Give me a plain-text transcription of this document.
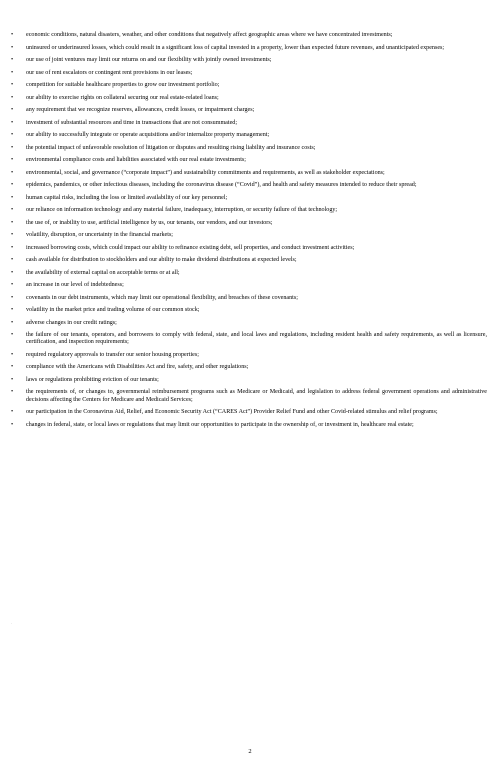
• economic conditions, natural disasters, weather, and other conditions that negatively affect geographic areas where we have concentrated investments;
• uninsured or underinsured losses, which could result in a significant loss of capital invested in a property, lower than expected future revenues, and unanticipated expenses;
• our use of joint ventures may limit our returns on and our flexibility with jointly owned investments;
• our use of rent escalators or contingent rent provisions in our leases;
• competition for suitable healthcare properties to grow our investment portfolio;
• our ability to exercise rights on collateral securing our real estate-related loans;
• any requirement that we recognize reserves, allowances, credit losses, or impairment charges;
• investment of substantial resources and time in transactions that are not consummated;
• our ability to successfully integrate or operate acquisitions and/or internalize property management;
• the potential impact of unfavorable resolution of litigation or disputes and resulting rising liability and insurance costs;
• environmental compliance costs and liabilities associated with our real estate investments;
• environmental, social, and governance (“corporate impact”) and sustainability commitments and requirements, as well as stakeholder expectations;
• epidemics, pandemics, or other infectious diseases, including the coronavirus disease (“Covid”), and health and safety measures intended to reduce their spread;
• human capital risks, including the loss or limited availability of our key personnel;
• our reliance on information technology and any material failure, inadequacy, interruption, or security failure of that technology;
• the use of, or inability to use, artificial intelligence by us, our tenants, our vendors, and our investors;
• volatility, disruption, or uncertainty in the financial markets;
• increased borrowing costs, which could impact our ability to refinance existing debt, sell properties, and conduct investment activities;
• cash available for distribution to stockholders and our ability to make dividend distributions at expected levels;
• the availability of external capital on acceptable terms or at all;
• an increase in our level of indebtedness;
• covenants in our debt instruments, which may limit our operational flexibility, and breaches of these covenants;
• volatility in the market price and trading volume of our common stock;
• adverse changes in our credit ratings;
• the failure of our tenants, operators, and borrowers to comply with federal, state, and local laws and regulations, including resident health and safety requirements, as well as licensure, certification, and inspection requirements;
• required regulatory approvals to transfer our senior housing properties;
• compliance with the Americans with Disabilities Act and fire, safety, and other regulations;
• laws or regulations prohibiting eviction of our tenants;
• the requirements of, or changes to, governmental reimbursement programs such as Medicare or Medicaid, and legislation to address federal government operations and administrative decisions affecting the Centers for Medicare and Medicaid Services;
• our participation in the Coronavirus Aid, Relief, and Economic Security Act (“CARES Act”) Provider Relief Fund and other Covid-related stimulus and relief programs;
• changes in federal, state, or local laws or regulations that may limit our opportunities to participate in the ownership of, or investment in, healthcare real estate;
.
2
